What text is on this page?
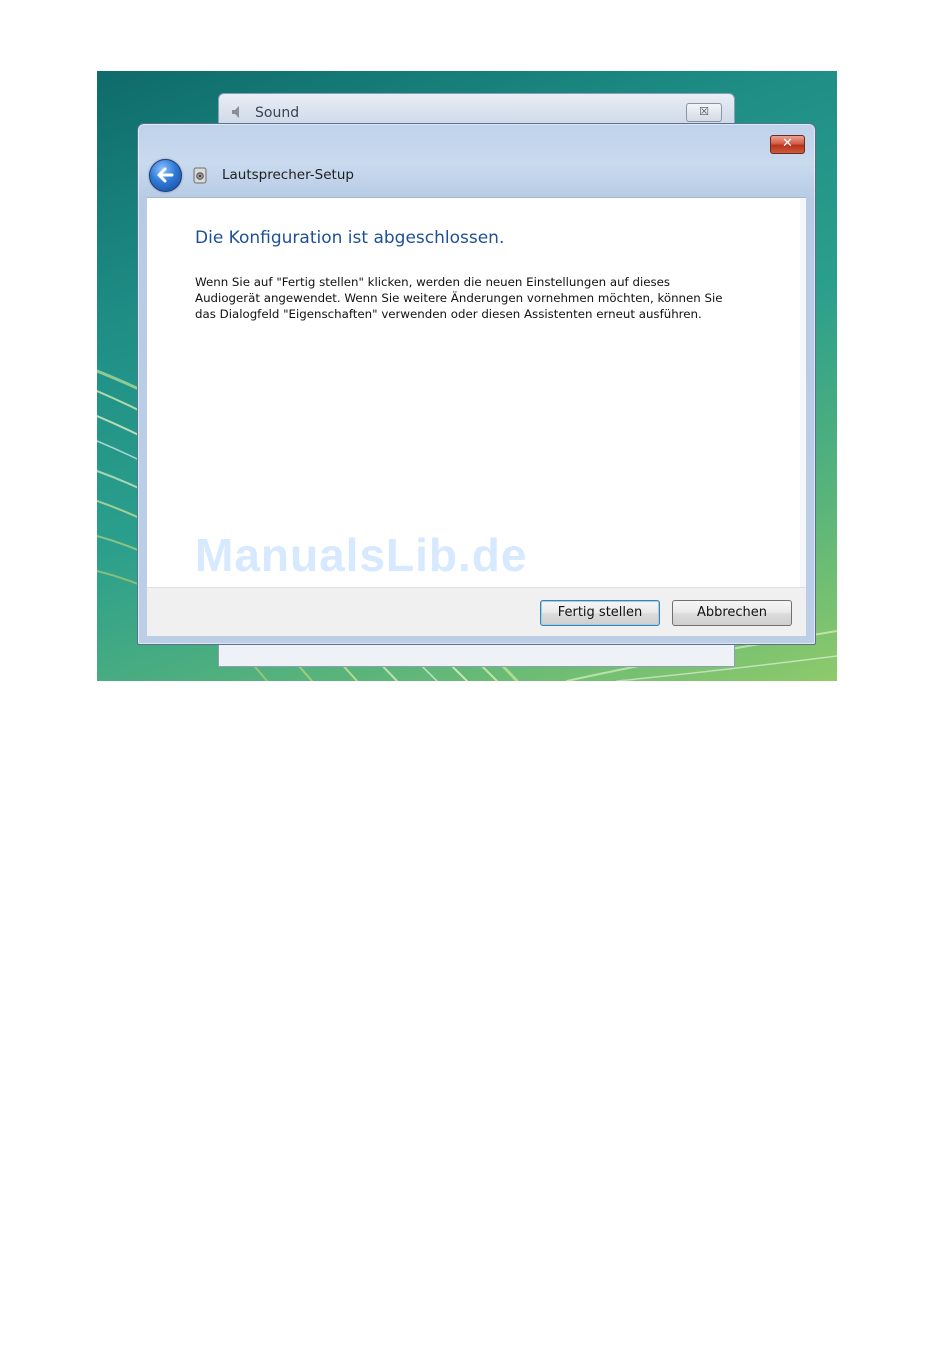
Sound	☒
✕
Lautsprecher-Setup
Die Konfiguration ist abgeschlossen.

Wenn Sie auf "Fertig stellen" klicken, werden die neuen Einstellungen auf dieses

Audiogerät angewendet. Wenn Sie weitere Änderungen vornehmen möchten, können Sie

das Dialogfeld "Eigenschaften" verwenden oder diesen Assistenten erneut ausführen.

Fertig stellen	Abbrechen
ManualsLib.de
